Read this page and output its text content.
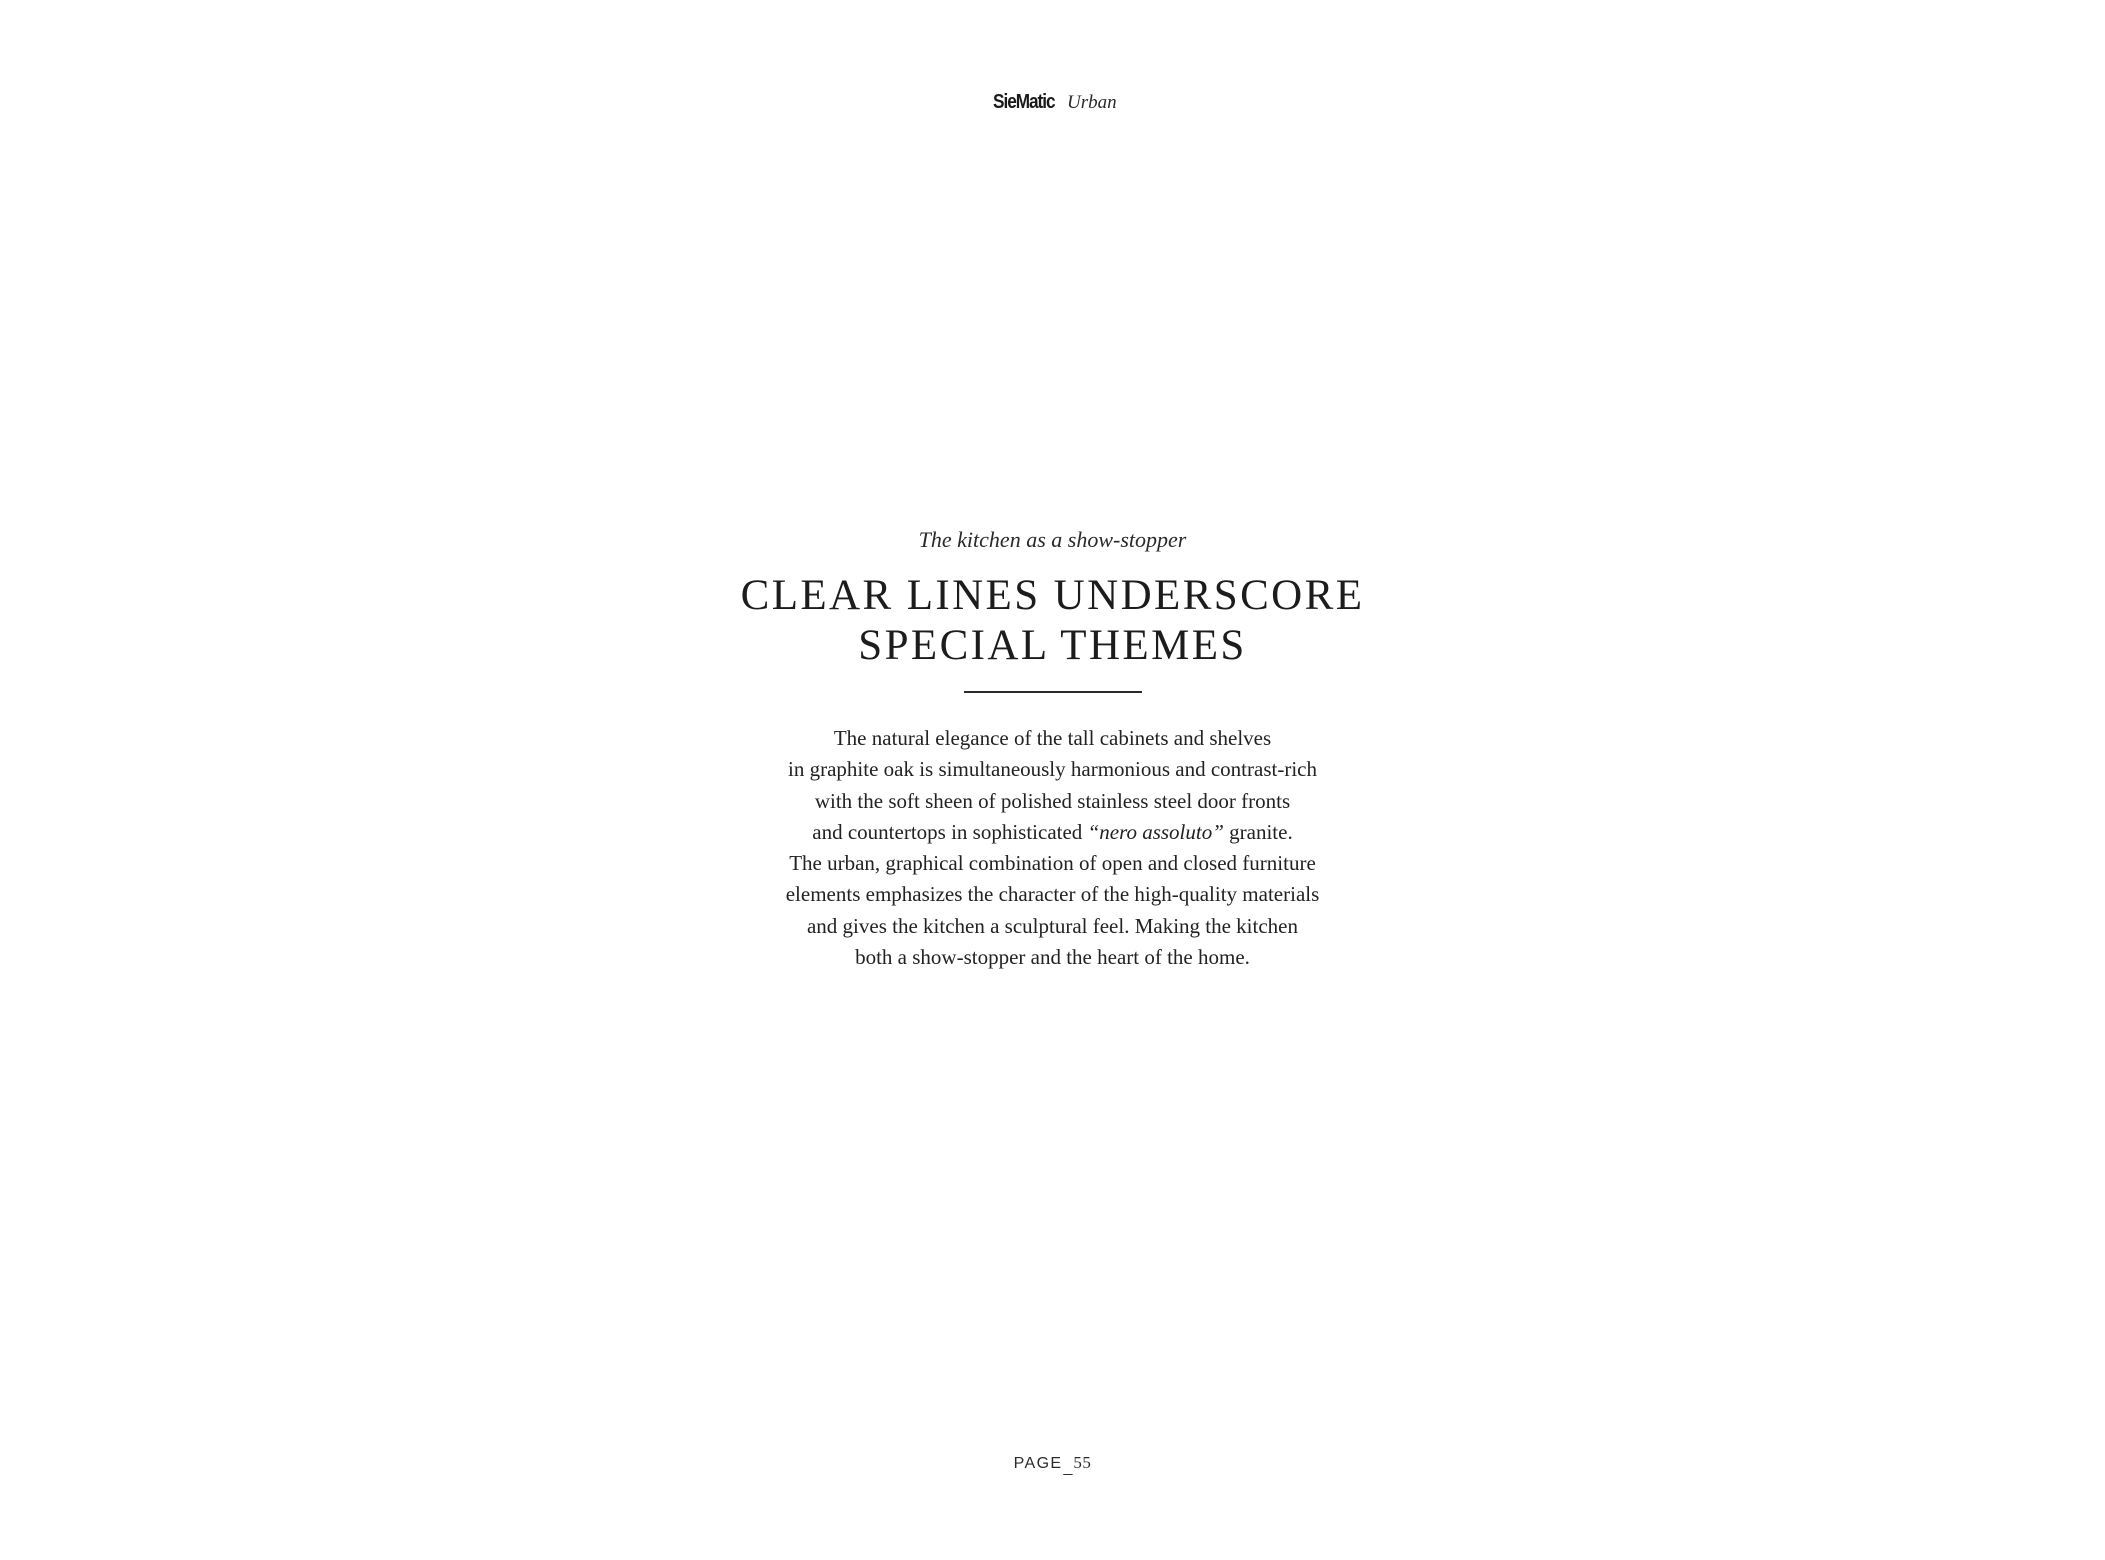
SieMatic Urban

The kitchen as a show-stopper

CLEAR LINES UNDERSCORE
SPECIAL THEMES

The natural elegance of the tall cabinets and shelves
in graphite oak is simultaneously harmonious and contrast-rich
with the soft sheen of polished stainless steel door fronts
and countertops in sophisticated “nero assoluto” granite.
The urban, graphical combination of open and closed furniture
elements emphasizes the character of the high-quality materials
and gives the kitchen a sculptural feel. Making the kitchen
both a show-stopper and the heart of the home.

PAGE_55
